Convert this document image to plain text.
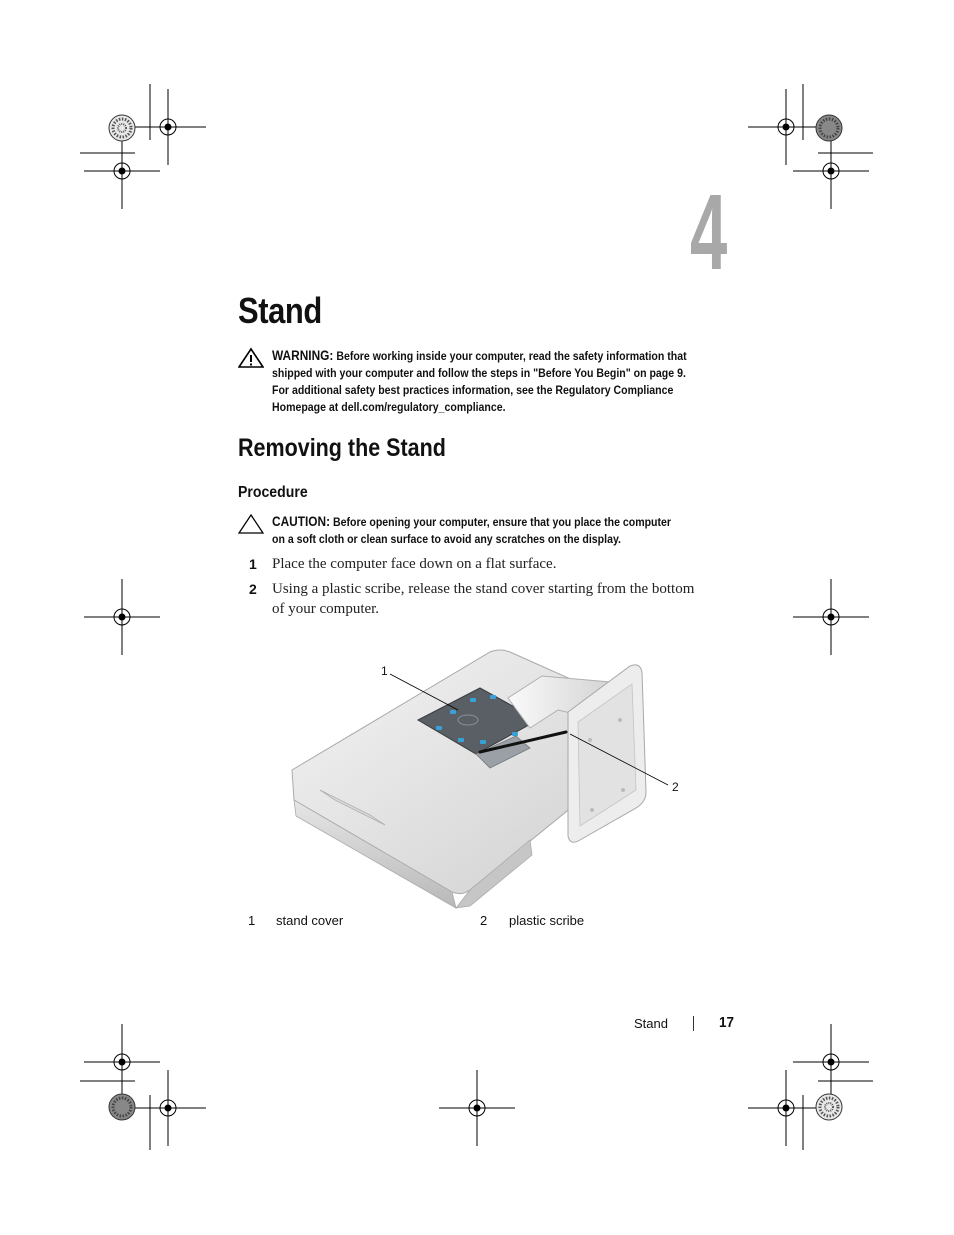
4
Stand
WARNING: Before working inside your computer, read the safety information that
shipped with your computer and follow the steps in "Before You Begin" on page 9.
For additional safety best practices information, see the Regulatory Compliance
Homepage at dell.com/regulatory_compliance.
Removing the Stand
Procedure
CAUTION: Before opening your computer, ensure that you place the computer
on a soft cloth or clean surface to avoid any scratches on the display.
1 Place the computer face down on a flat surface.
2 Using a plastic scribe, release the stand cover starting from the bottom
of your computer.
1
2
1 stand cover	2 plastic scribe
Stand	17
